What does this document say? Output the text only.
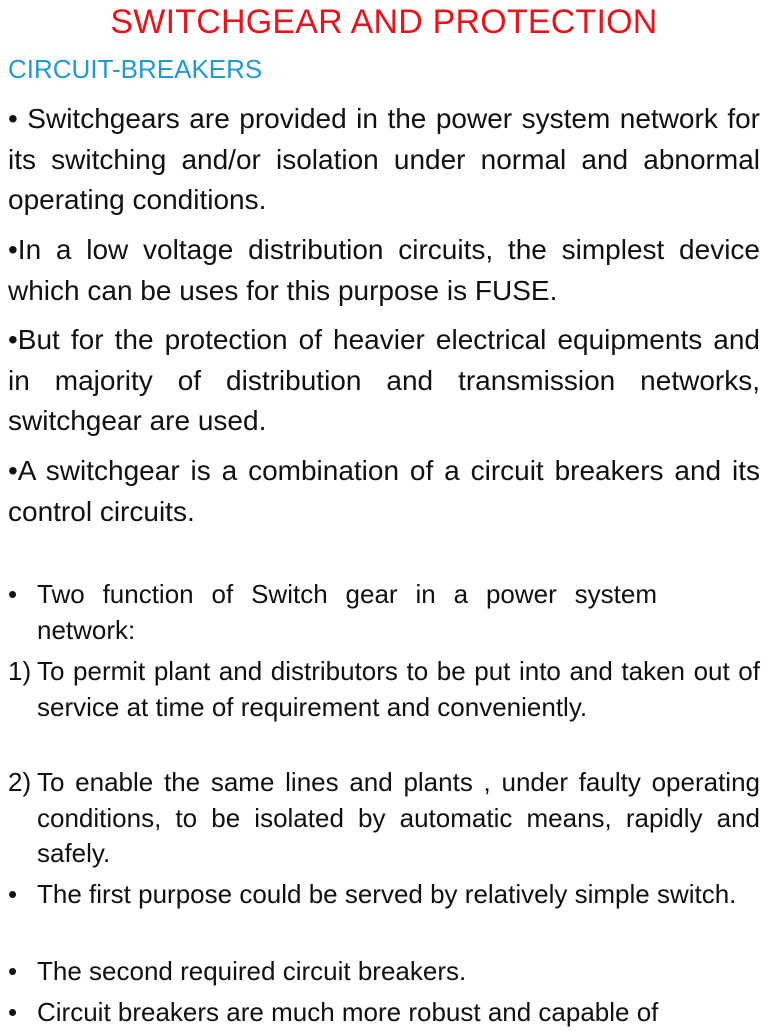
SWITCHGEAR AND PROTECTION
CIRCUIT-BREAKERS
• Switchgears are provided in the power system network for its switching and/or isolation under normal and abnormal operating conditions.
•In a low voltage distribution circuits, the simplest device which can be uses for this purpose is FUSE.
•But for the protection of heavier electrical equipments and in majority of distribution and transmission networks, switchgear are used.
•A switchgear is a combination of a circuit breakers and its control circuits.
• Two function of Switch gear in a power system network:
1) To permit plant and distributors to be put into and taken out of service at time of requirement and conveniently.
2) To enable the same lines and plants , under faulty operating conditions, to be isolated by automatic means, rapidly and safely.
• The first purpose could be served by relatively simple switch.
• The second required circuit breakers.
• Circuit breakers are much more robust and capable of
